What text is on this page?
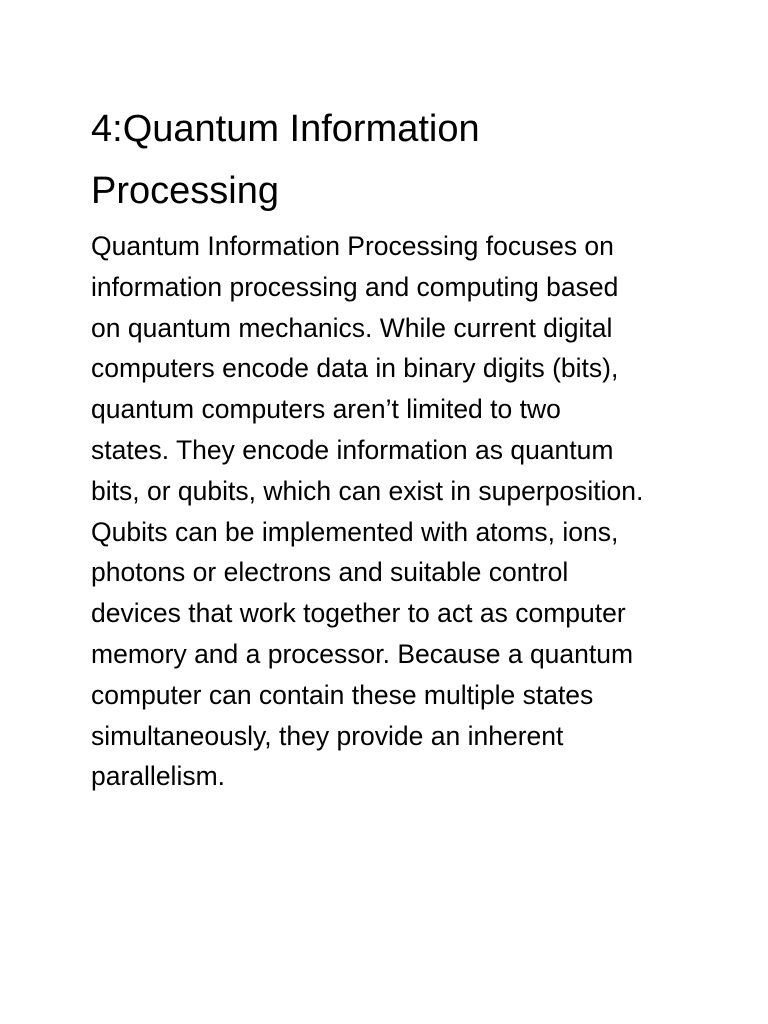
4:Quantum Information
Processing

Quantum Information Processing focuses on
information processing and computing based
on quantum mechanics. While current digital
computers encode data in binary digits (bits),
quantum computers aren’t limited to two
states. They encode information as quantum
bits, or qubits, which can exist in superposition.
Qubits can be implemented with atoms, ions,
photons or electrons and suitable control
devices that work together to act as computer
memory and a processor. Because a quantum
computer can contain these multiple states
simultaneously, they provide an inherent
parallelism.
